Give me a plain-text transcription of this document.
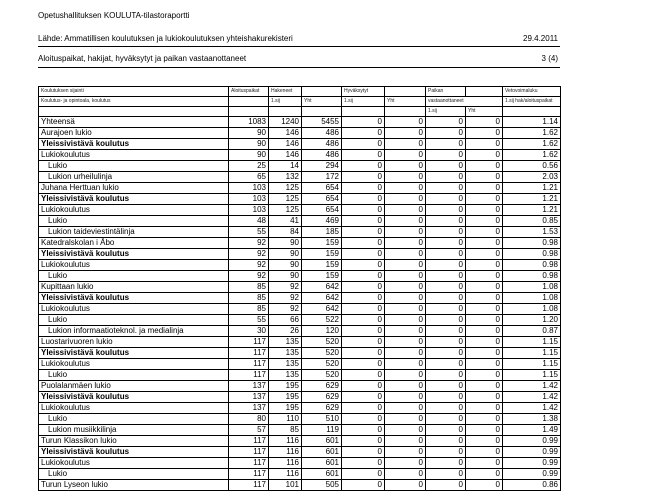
Opetushallituksen KOULUTA-tilastoraportti
Lähde: Ammatillisen koulutuksen ja lukiokoulutuksen yhteishakurekisteri	29.4.2011
Aloituspaikat, hakijat, hyväksytyt ja paikan vastaanottaneet	3 (4)
Koulutuksen sijainti	Aloituspaikat	Hakeneet		Hyväksytyt		Paikan		Vetovoimaluku
Koulutus- ja opintoala, koulutus		1.sij	Yht	1.sij	Yht	vastaanottaneet		1.sij hak/aloituspaikat
						1.sij	Yht	
Yhteensä	1083	1240	5455	0	0	0	0	1.14
Aurajoen lukio	90	146	486	0	0	0	0	1.62
Yleissivistävä koulutus	90	146	486	0	0	0	0	1.62
Lukiokoulutus	90	146	486	0	0	0	0	1.62
Lukio	25	14	294	0	0	0	0	0.56
Lukion urheilulinja	65	132	172	0	0	0	0	2.03
Juhana Herttuan lukio	103	125	654	0	0	0	0	1.21
Yleissivistävä koulutus	103	125	654	0	0	0	0	1.21
Lukiokoulutus	103	125	654	0	0	0	0	1.21
Lukio	48	41	469	0	0	0	0	0.85
Lukion taideviestintälinja	55	84	185	0	0	0	0	1.53
Katedralskolan i Åbo	92	90	159	0	0	0	0	0.98
Yleissivistävä koulutus	92	90	159	0	0	0	0	0.98
Lukiokoulutus	92	90	159	0	0	0	0	0.98
Lukio	92	90	159	0	0	0	0	0.98
Kupittaan lukio	85	92	642	0	0	0	0	1.08
Yleissivistävä koulutus	85	92	642	0	0	0	0	1.08
Lukiokoulutus	85	92	642	0	0	0	0	1.08
Lukio	55	66	522	0	0	0	0	1.20
Lukion informaatioteknol. ja medialinja	30	26	120	0	0	0	0	0.87
Luostarivuoren lukio	117	135	520	0	0	0	0	1.15
Yleissivistävä koulutus	117	135	520	0	0	0	0	1.15
Lukiokoulutus	117	135	520	0	0	0	0	1.15
Lukio	117	135	520	0	0	0	0	1.15
Puolalanmäen lukio	137	195	629	0	0	0	0	1.42
Yleissivistävä koulutus	137	195	629	0	0	0	0	1.42
Lukiokoulutus	137	195	629	0	0	0	0	1.42
Lukio	80	110	510	0	0	0	0	1.38
Lukion musiikkilinja	57	85	119	0	0	0	0	1.49
Turun Klassikon lukio	117	116	601	0	0	0	0	0.99
Yleissivistävä koulutus	117	116	601	0	0	0	0	0.99
Lukiokoulutus	117	116	601	0	0	0	0	0.99
Lukio	117	116	601	0	0	0	0	0.99
Turun Lyseon lukio	117	101	505	0	0	0	0	0.86
